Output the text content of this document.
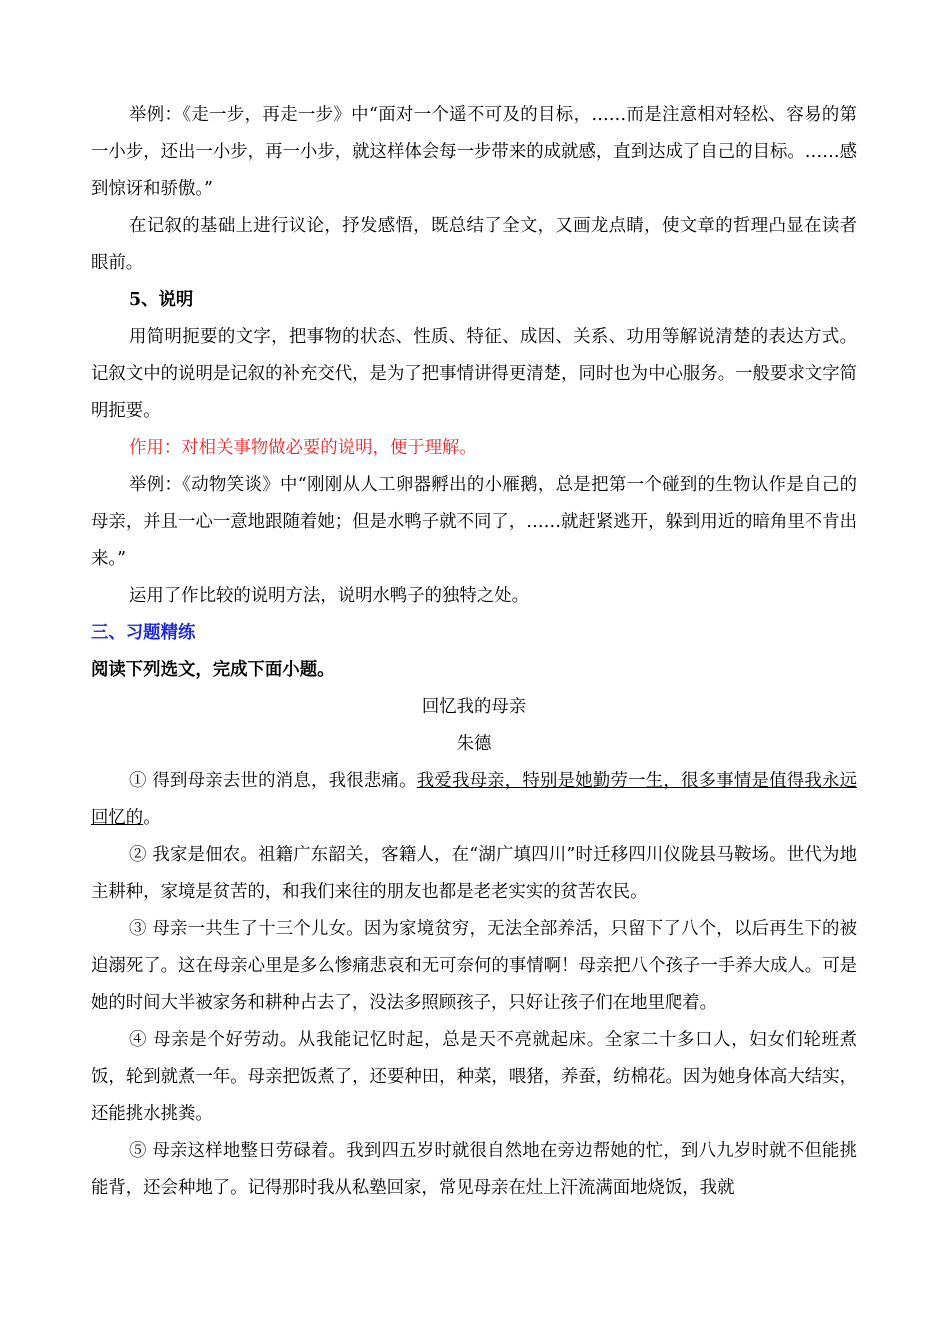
举例：《走一步，再走一步》中“面对一个遥不可及的目标，……而是注意相对轻松、容易的第一小步，还出一小步，再一小步，就这样体会每一步带来的成就感，直到达成了自己的目标。……感到惊讶和骄傲。”

在记叙的基础上进行议论，抒发感悟，既总结了全文，又画龙点睛，使文章的哲理凸显在读者眼前。

5、说明

用简明扼要的文字，把事物的状态、性质、特征、成因、关系、功用等解说清楚的表达方式。记叙文中的说明是记叙的补充交代，是为了把事情讲得更清楚，同时也为中心服务。一般要求文字简明扼要。

作用：对相关事物做必要的说明，便于理解。

举例：《动物笑谈》中“刚刚从人工卵器孵出的小雁鹅，总是把第一个碰到的生物认作是自己的母亲，并且一心一意地跟随着她；但是水鸭子就不同了，……就赶紧逃开，躲到用近的暗角里不肯出来。”

运用了作比较的说明方法，说明水鸭子的独特之处。

三、习题精练

阅读下列选文，完成下面小题。

回忆我的母亲

朱德

① 得到母亲去世的消息，我很悲痛。我爱我母亲，特别是她勤劳一生，很多事情是值得我永远回忆的。

② 我家是佃农。祖籍广东韶关，客籍人，在“湖广填四川”时迁移四川仪陇县马鞍场。世代为地主耕种，家境是贫苦的，和我们来往的朋友也都是老老实实的贫苦农民。

③ 母亲一共生了十三个儿女。因为家境贫穷，无法全部养活，只留下了八个，以后再生下的被迫溺死了。这在母亲心里是多么惨痛悲哀和无可奈何的事情啊！母亲把八个孩子一手养大成人。可是她的时间大半被家务和耕种占去了，没法多照顾孩子，只好让孩子们在地里爬着。

④ 母亲是个好劳动。从我能记忆时起，总是天不亮就起床。全家二十多口人，妇女们轮班煮饭，轮到就煮一年。母亲把饭煮了，还要种田，种菜，喂猪，养蚕，纺棉花。因为她身体高大结实，还能挑水挑粪。

⑤ 母亲这样地整日劳碌着。我到四五岁时就很自然地在旁边帮她的忙，到八九岁时就不但能挑能背，还会种地了。记得那时我从私塾回家，常见母亲在灶上汗流满面地烧饭，我就
